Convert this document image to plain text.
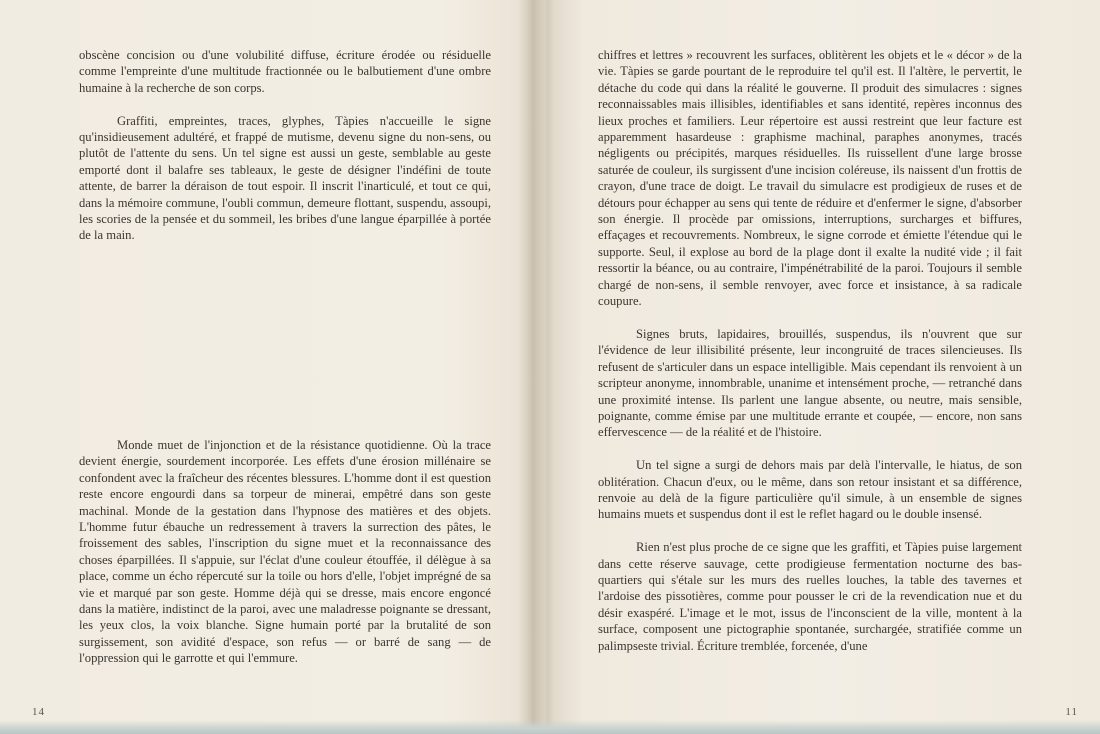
obscène concision ou d'une volubilité diffuse, écriture érodée ou résiduelle comme l'empreinte d'une multitude fractionnée ou le balbutiement d'une ombre humaine à la recherche de son corps.

Graffiti, empreintes, traces, glyphes, Tàpies n'accueille le signe qu'insidieusement adultéré, et frappé de mutisme, devenu signe du non-sens, ou plutôt de l'attente du sens. Un tel signe est aussi un geste, semblable au geste emporté dont il balafre ses tableaux, le geste de désigner l'indéfini de toute attente, de barrer la déraison de tout espoir. Il inscrit l'inarticulé, et tout ce qui, dans la mémoire commune, l'oubli commun, demeure flottant, suspendu, assoupi, les scories de la pensée et du sommeil, les bribes d'une langue éparpillée à portée de la main.

Monde muet de l'injonction et de la résistance quotidienne. Où la trace devient énergie, sourdement incorporée. Les effets d'une érosion millénaire se confondent avec la fraîcheur des récentes blessures. L'homme dont il est question reste encore engourdi dans sa torpeur de minerai, empêtré dans son geste machinal. Monde de la gestation dans l'hypnose des matières et des objets. L'homme futur ébauche un redressement à travers la surrection des pâtes, le froissement des sables, l'inscription du signe muet et la reconnaissance des choses éparpillées. Il s'appuie, sur l'éclat d'une couleur étouffée, il délègue à sa place, comme un écho répercuté sur la toile ou hors d'elle, l'objet imprégné de sa vie et marqué par son geste. Homme déjà qui se dresse, mais encore engoncé dans la matière, indistinct de la paroi, avec une maladresse poignante se dressant, les yeux clos, la voix blanche. Signe humain porté par la brutalité de son surgissement, son avidité d'espace, son refus — or barré de sang — de l'oppression qui le garrotte et qui l'emmure.

14

chiffres et lettres » recouvrent les surfaces, oblitèrent les objets et le « décor » de la vie. Tàpies se garde pourtant de le reproduire tel qu'il est. Il l'altère, le pervertit, le détache du code qui dans la réalité le gouverne. Il produit des simulacres : signes reconnaissables mais illisibles, identifiables et sans identité, repères inconnus des lieux proches et familiers. Leur répertoire est aussi restreint que leur facture est apparemment hasardeuse : graphisme machinal, paraphes anonymes, tracés négligents ou précipités, marques résiduelles. Ils ruissellent d'une large brosse saturée de couleur, ils surgissent d'une incision coléreuse, ils naissent d'un frottis de crayon, d'une trace de doigt. Le travail du simulacre est prodigieux de ruses et de détours pour échapper au sens qui tente de réduire et d'enfermer le signe, d'absorber son énergie. Il procède par omissions, interruptions, surcharges et biffures, effaçages et recouvrements. Nombreux, le signe corrode et émiette l'étendue qui le supporte. Seul, il explose au bord de la plage dont il exalte la nudité vide ; il fait ressortir la béance, ou au contraire, l'impénétrabilité de la paroi. Toujours il semble chargé de non-sens, il semble renvoyer, avec force et insistance, à sa radicale coupure.

Signes bruts, lapidaires, brouillés, suspendus, ils n'ouvrent que sur l'évidence de leur illisibilité présente, leur incongruité de traces silencieuses. Ils refusent de s'articuler dans un espace intelligible. Mais cependant ils renvoient à un scripteur anonyme, innombrable, unanime et intensément proche, — retranché dans une proximité intense. Ils parlent une langue absente, ou neutre, mais sensible, poignante, comme émise par une multitude errante et coupée, — encore, non sans effervescence — de la réalité et de l'histoire.

Un tel signe a surgi de dehors mais par delà l'intervalle, le hiatus, de son oblitération. Chacun d'eux, ou le même, dans son retour insistant et sa différence, renvoie au delà de la figure particulière qu'il simule, à un ensemble de signes humains muets et suspendus dont il est le reflet hagard ou le double insensé.

Rien n'est plus proche de ce signe que les graffiti, et Tàpies puise largement dans cette réserve sauvage, cette prodigieuse fermentation nocturne des bas-quartiers qui s'étale sur les murs des ruelles louches, la table des tavernes et l'ardoise des pissotières, comme pour pousser le cri de la revendication nue et du désir exaspéré. L'image et le mot, issus de l'inconscient de la ville, montent à la surface, composent une pictographie spontanée, surchargée, stratifiée comme un palimpseste trivial. Écriture tremblée, forcenée, d'une

11
